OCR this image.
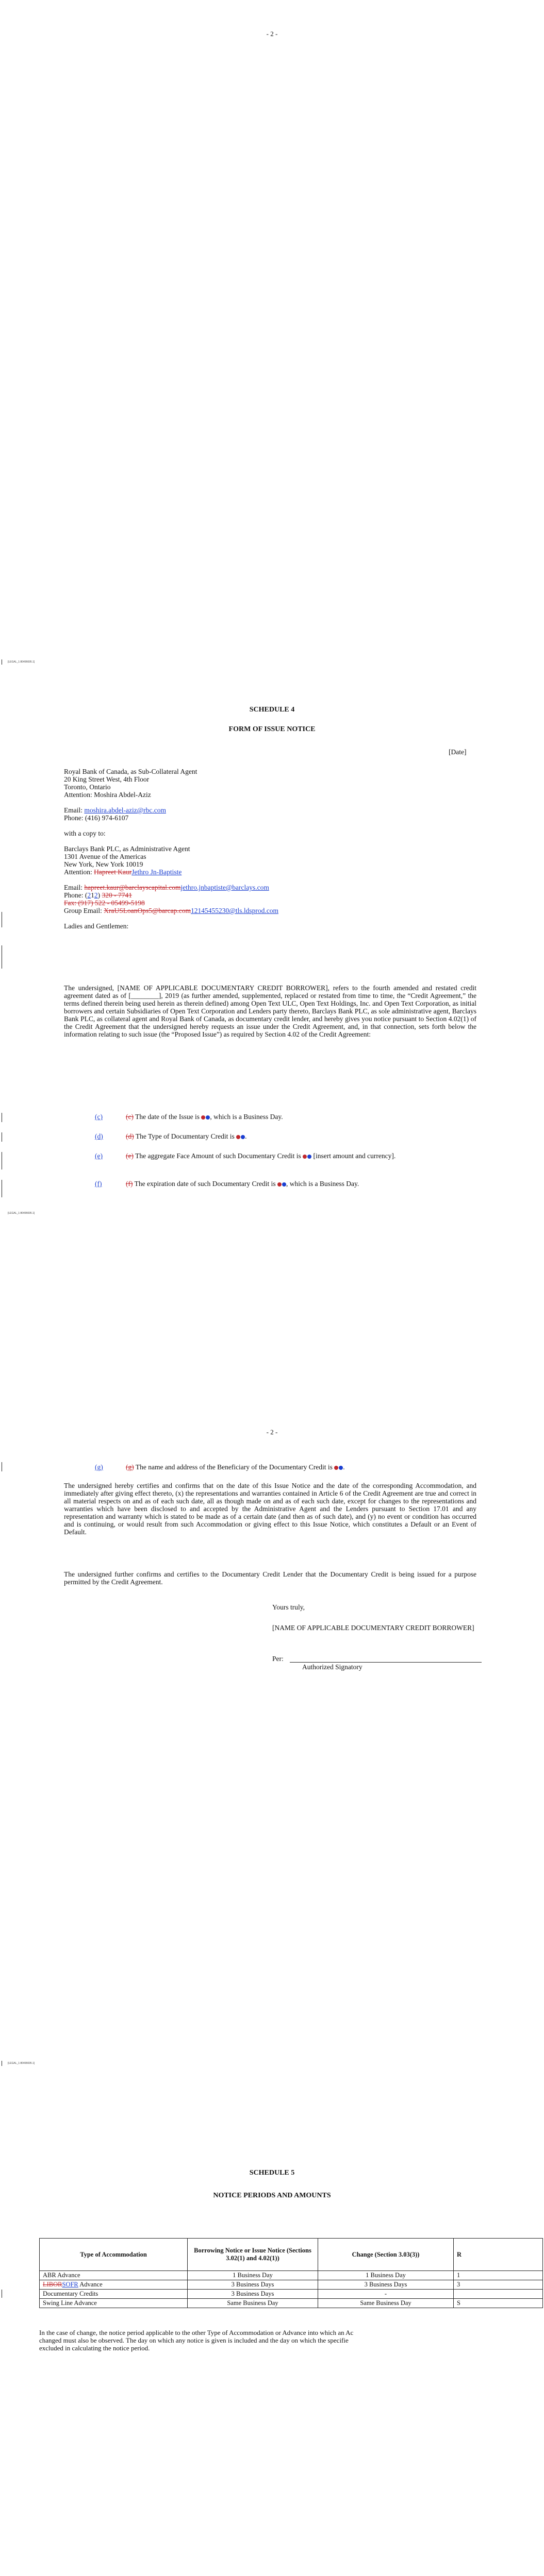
- 2 -
[LEGAL_1:80496695.1]
SCHEDULE 4
FORM OF ISSUE NOTICE
[Date]
Royal Bank of Canada, as Sub-Collateral Agent
20 King Street West, 4th Floor
Toronto, Ontario
Attention: Moshira Abdel-Aziz
Email: moshira.abdel-aziz@rbc.com
Phone: (416) 974-6107
with a copy to:
Barclays Bank PLC, as Administrative Agent
1301 Avenue of the Americas
New York, New York 10019
Attention: Hapreet KaurJethro Jn-Baptiste
Email: hapreet.kaur@barclayscapital.comjethro.jnbaptiste@barclays.com
Phone: (212) 320 - 7741
Fax: (917) 522 - 05499-5198
Group Email: XraUSLoanOps5@barcap.com12145455230@tls.ldsprod.com
Ladies and Gentlemen:
The undersigned, [NAME OF APPLICABLE DOCUMENTARY CREDIT BORROWER], refers to the fourth amended and restated credit agreement dated as of [________], 2019 (as further amended, supplemented, replaced or restated from time to time, the “Credit Agreement,” the terms defined therein being used herein as therein defined) among Open Text ULC, Open Text Holdings, Inc. and Open Text Corporation, as initial borrowers and certain Subsidiaries of Open Text Corporation and Lenders party thereto, Barclays Bank PLC, as sole administrative agent, Barclays Bank PLC, as collateral agent and Royal Bank of Canada, as documentary credit lender, and hereby gives you notice pursuant to Section 4.02(1) of the Credit Agreement that the undersigned hereby requests an issue under the Credit Agreement, and, in that connection, sets forth below the information relating to such issue (the “Proposed Issue”) as required by Section 4.02 of the Credit Agreement:
(c)	(c) The date of the Issue is , which is a Business Day.
(d)	(d) The Type of Documentary Credit is .
(e)	(e) The aggregate Face Amount of such Documentary Credit is  [insert amount and currency].
(f)	(f) The expiration date of such Documentary Credit is , which is a Business Day.
[LEGAL_1:80496695.1]
- 2 -
(g)	(g) The name and address of the Beneficiary of the Documentary Credit is .
The undersigned hereby certifies and confirms that on the date of this Issue Notice and the date of the corresponding Accommodation, and immediately after giving effect thereto, (x) the representations and warranties contained in Article 6 of the Credit Agreement are true and correct in all material respects on and as of each such date, all as though made on and as of each such date, except for changes to the representations and warranties which have been disclosed to and accepted by the Administrative Agent and the Lenders pursuant to Section 17.01 and any representation and warranty which is stated to be made as of a certain date (and then as of such date), and (y) no event or condition has occurred and is continuing, or would result from such Accommodation or giving effect to this Issue Notice, which constitutes a Default or an Event of Default.
The undersigned further confirms and certifies to the Documentary Credit Lender that the Documentary Credit is being issued for a purpose permitted by the Credit Agreement.
Yours truly,
[NAME OF APPLICABLE DOCUMENTARY CREDIT BORROWER]
Per:
Authorized Signatory
[LEGAL_1:80496695.1]
SCHEDULE 5
NOTICE PERIODS AND AMOUNTS
Type of Accommodation	Borrowing Notice or Issue Notice (Sections 3.02(1) and 4.02(1))	Change (Section 3.03(3))	R
ABR Advance	1 Business Day	1 Business Day	1
LIBORSOFR Advance	3 Business Days	3 Business Days	3
Documentary Credits	3 Business Days	-	
Swing Line Advance	Same Business Day	Same Business Day	S
In the case of change, the notice period applicable to the other Type of Accommodation or Advance into which an Ac
changed must also be observed. The day on which any notice is given is included and the day on which the specifie
excluded in calculating the notice period.
